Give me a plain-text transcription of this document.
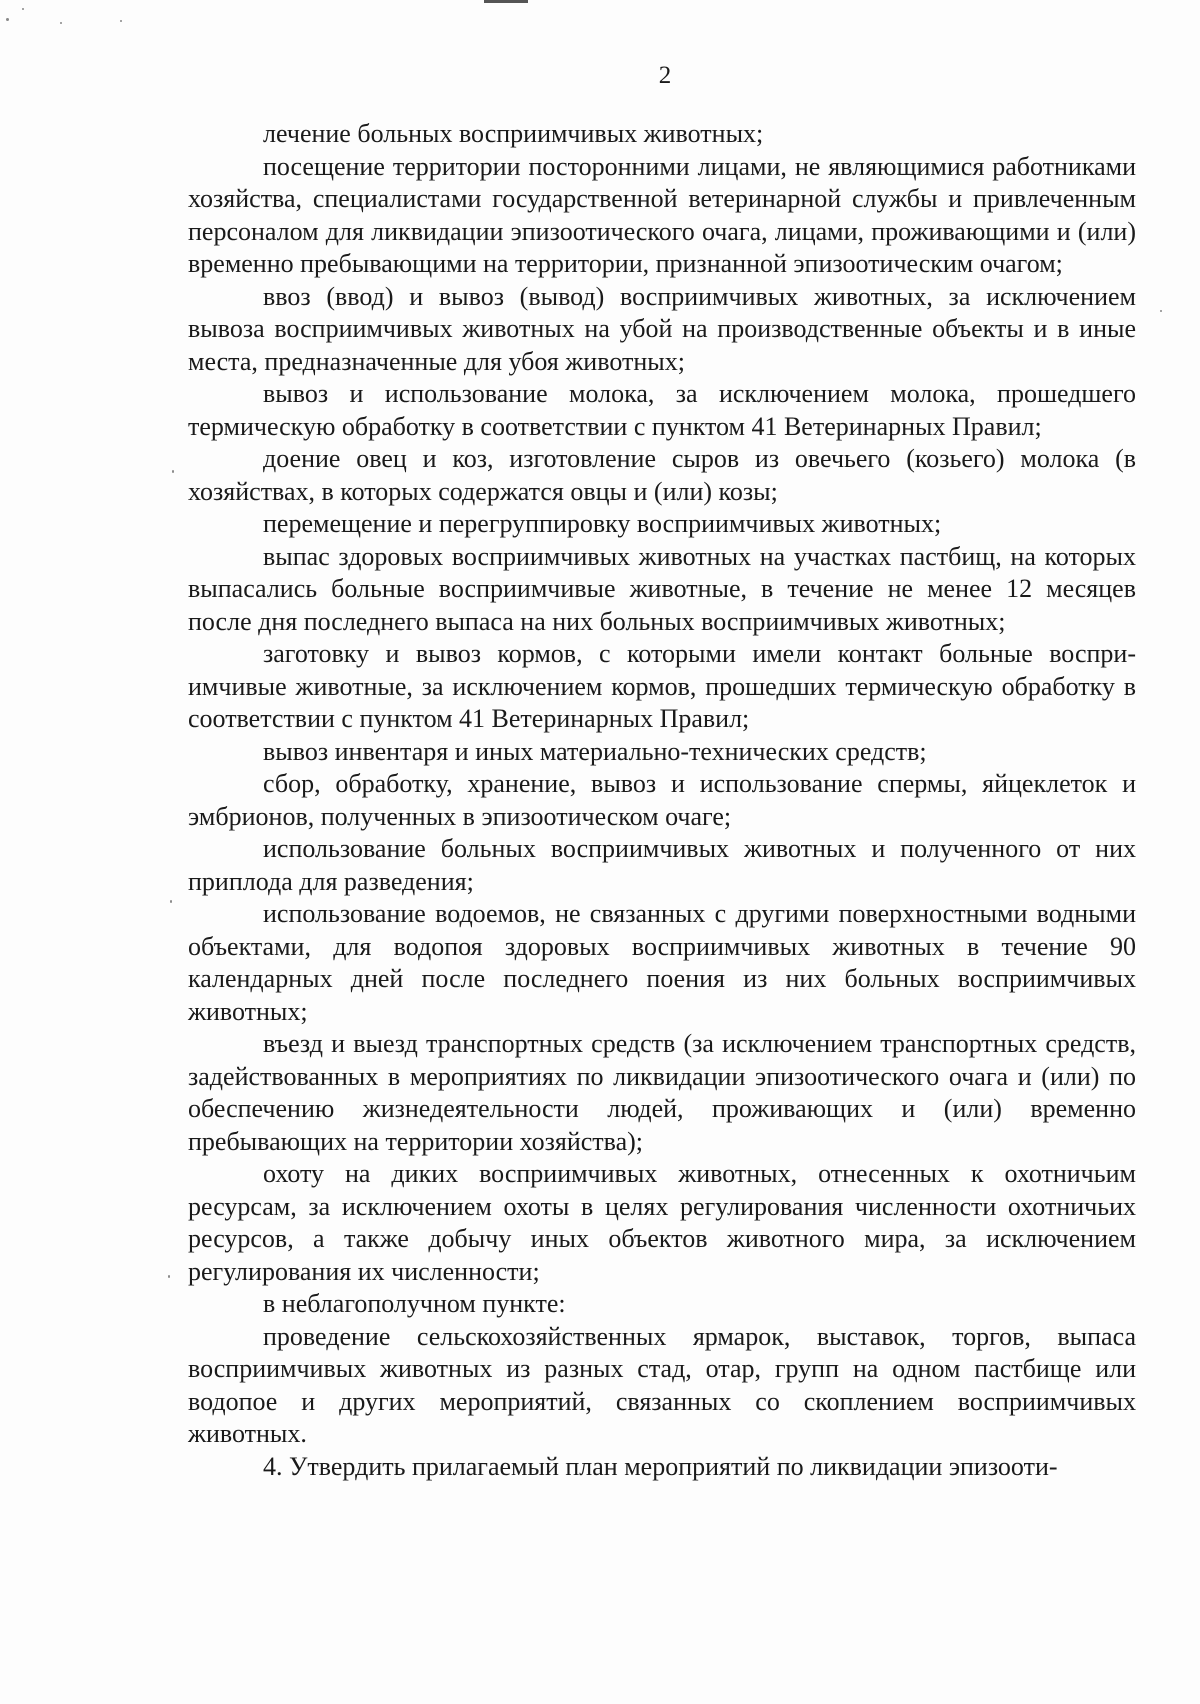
2

лечение больных восприимчивых животных;

посещение территории посторонними лицами, не являющимися работниками хозяйства, специалистами государственной ветеринарной службы и привлеченным персоналом для ликвидации эпизоотического очага, лицами, проживающими и (или) временно пребывающими на территории, признанной эпизоотическим очагом;

ввоз (ввод) и вывоз (вывод) восприимчивых животных, за исключением вывоза восприимчивых животных на убой на производственные объекты и в иные места, предназначенные для убоя животных;

вывоз и использование молока, за исключением молока, прошедшего термическую обработку в соответствии с пунктом 41 Ветеринарных Правил;

доение овец и коз, изготовление сыров из овечьего (козьего) молока (в хозяйствах, в которых содержатся овцы и (или) козы;

перемещение и перегруппировку восприимчивых животных;

выпас здоровых восприимчивых животных на участках пастбищ, на которых выпасались больные восприимчивые животные, в течение не менее 12 месяцев после дня последнего выпаса на них больных восприимчивых животных;

заготовку и вывоз кормов, с которыми имели контакт больные восприимчивые животные, за исключением кормов, прошедших термическую обработку в соответствии с пунктом 41 Ветеринарных Правил;

вывоз инвентаря и иных материально-технических средств;

сбор, обработку, хранение, вывоз и использование спермы, яйцеклеток и эмбрионов, полученных в эпизоотическом очаге;

использование больных восприимчивых животных и полученного от них приплода для разведения;

использование водоемов, не связанных с другими поверхностными водными объектами, для водопоя здоровых восприимчивых животных в течение 90 календарных дней после последнего поения из них больных восприимчивых животных;

въезд и выезд транспортных средств (за исключением транспортных средств, задействованных в мероприятиях по ликвидации эпизоотического очага и (или) по обеспечению жизнедеятельности людей, проживающих и (или) временно пребывающих на территории хозяйства);

охоту на диких восприимчивых животных, отнесенных к охотничьим ресурсам, за исключением охоты в целях регулирования численности охотничьих ресурсов, а также добычу иных объектов животного мира, за исключением регулирования их численности;

в неблагополучном пункте:

проведение сельскохозяйственных ярмарок, выставок, торгов, выпаса восприимчивых животных из разных стад, отар, групп на одном пастбище или водопое и других мероприятий, связанных со скоплением восприимчивых животных.

4. Утвердить прилагаемый план мероприятий по ликвидации эпизооти-
